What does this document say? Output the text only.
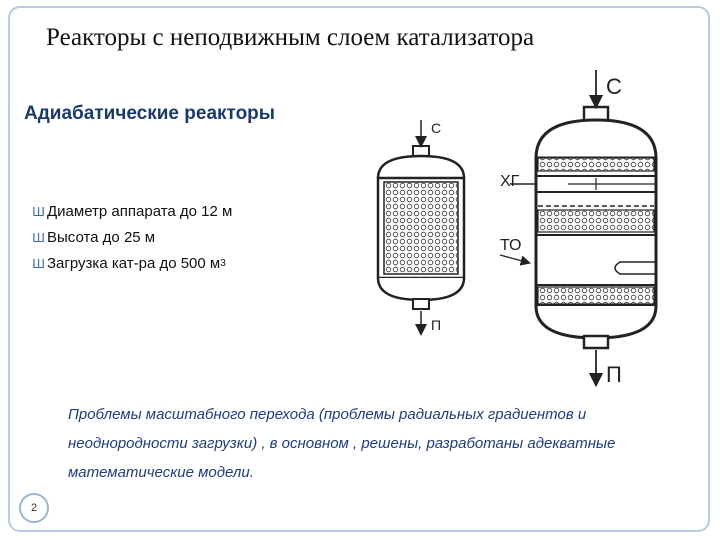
Реакторы с неподвижным слоем катализатора
Адиабатические реакторы
Ш Диаметр аппарата до 12 м
Ш Высота до 25 м
Ш Загрузка кат-ра до 500 м 3
Проблемы масштабного перехода (проблемы радиальных градиентов и неоднородности загрузки) , в основном , решены, разработаны адекватные математические модели.
2
С
П
ХГ
ТО
С
П
